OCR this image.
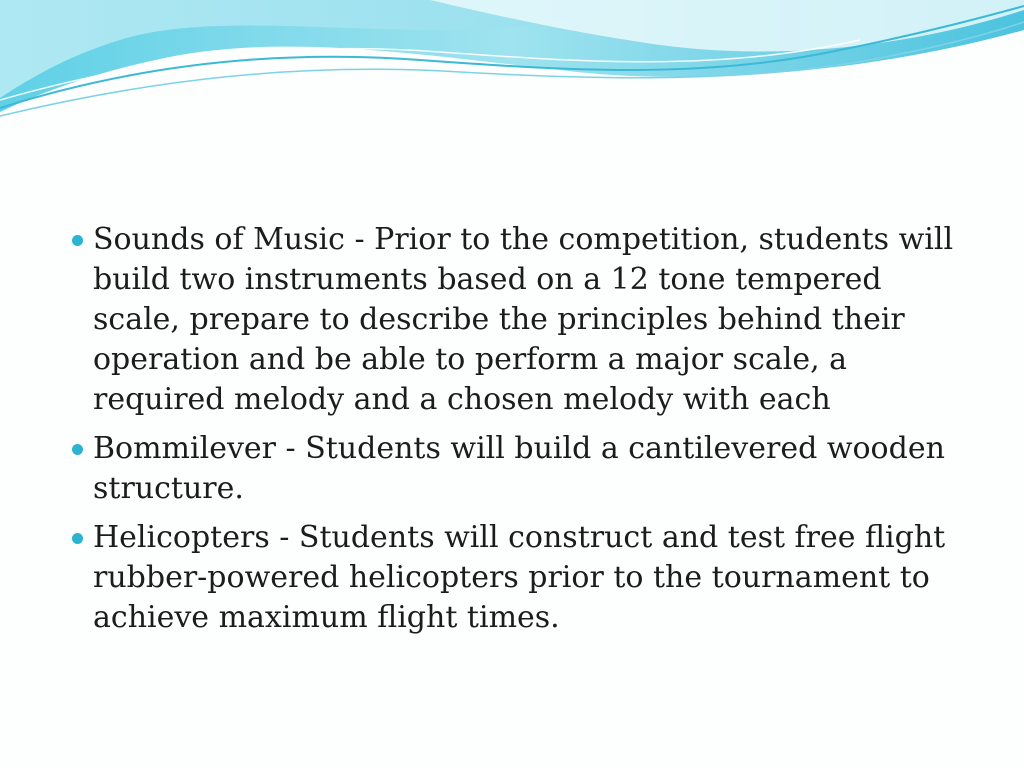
Sounds of Music - Prior to the competition, students will build two instruments based on a 12 tone tempered scale, prepare to describe the principles behind their operation and be able to perform a major scale, a required melody and a chosen melody with each
Bommilever - Students will build a cantilevered wooden structure.
Helicopters - Students will construct and test free flight rubber-powered helicopters prior to the tournament to achieve maximum flight times.
